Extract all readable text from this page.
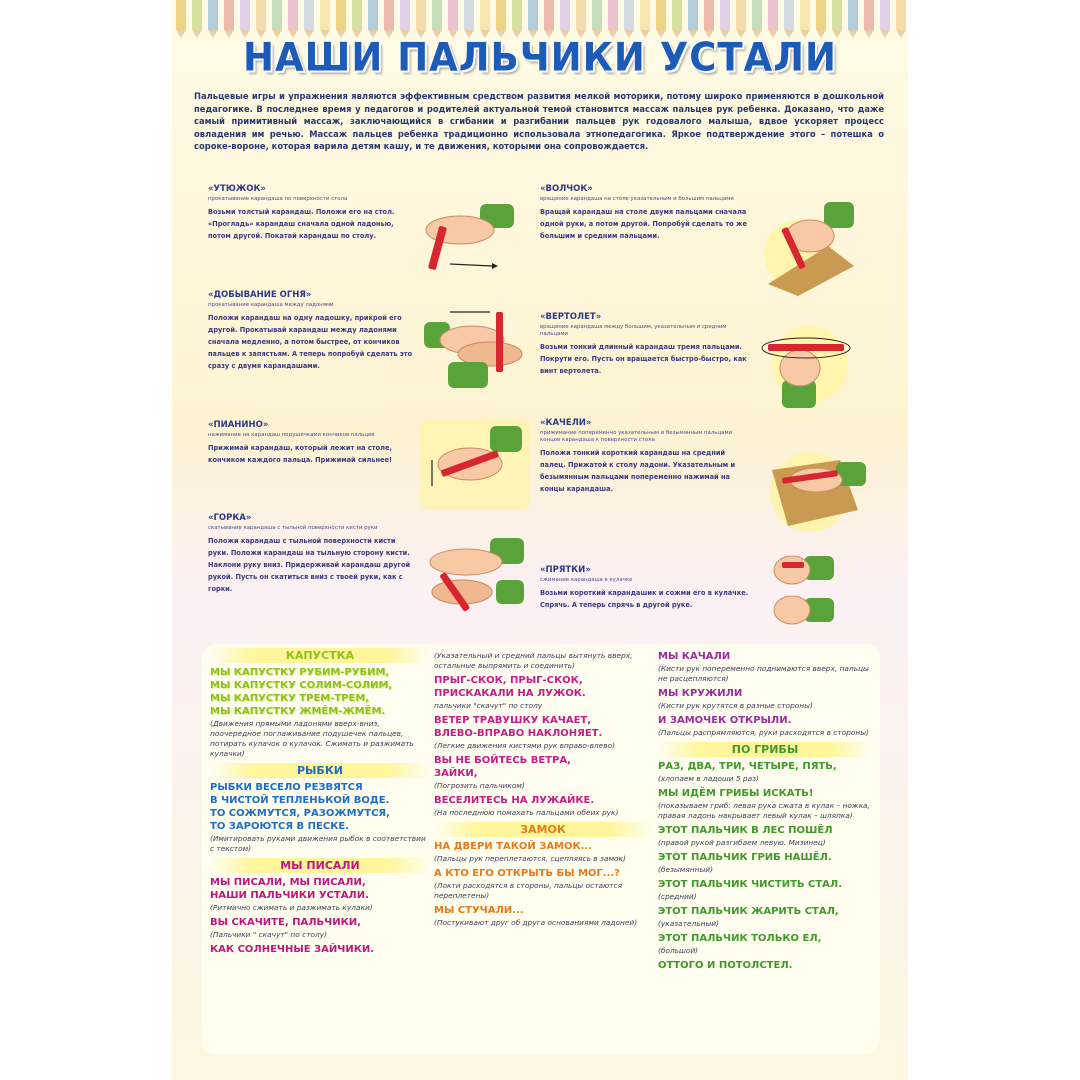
НАШИ ПАЛЬЧИКИ УСТАЛИ
Пальцевые игры и упражнения являются эффективным средством развития мелкой моторики, потому широко применяются в дошкольной педагогике. В последнее время у педагогов и родителей актуальной темой становится массаж пальцев рук ребенка. Доказано, что даже самый примитивный массаж, заключающийся в сгибании и разгибании пальцев рук годовалого малыша, вдвое ускоряет процесс овладения им речью. Массаж пальцев ребенка традиционно использовала этнопедагогика. Яркое подтверждение этого – потешка о сороке-вороне, которая варила детям кашу, и те движения, которыми она сопровождается.
«УТЮЖОК»
прокатывание карандаша по поверхности стола
Возьми толстый карандаш. Положи его на стол. «Прогладь» карандаш сначала одной ладонью, потом другой. Покатай карандаш по столу.
«ДОБЫВАНИЕ ОГНЯ»
прокатывание карандаша между ладонями
Положи карандаш на одну ладошку, прикрой его другой. Прокатывай карандаш между ладонями сначала медленно, а потом быстрее, от кончиков пальцев к запястьям. А теперь попробуй сделать это сразу с двумя карандашами.
«ПИАНИНО»
нажимание на карандаш подушечками кончиков пальцев
Прижимай карандаш, который лежит на столе, кончиком каждого пальца. Прижимай сильнее!
«ГОРКА»
скатывание карандаша с тыльной поверхности кисти руки
Положи карандаш с тыльной поверхности кисти руки. Положи карандаш на тыльную сторону кисти. Наклони руку вниз. Придерживай карандаш другой рукой. Пусть он скатиться вниз с твоей руки, как с горки.
«ВОЛЧОК»
вращение карандаша на столе указательным и большим пальцами
Вращай карандаш на столе двумя пальцами сначала одной руки, а потом другой. Попробуй сделать то же большим и средним пальцами.
«ВЕРТОЛЕТ»
вращение карандаша между большим, указательным и средним пальцами
Возьми тонкий длинный карандаш тремя пальцами. Покрути его. Пусть он вращается быстро-быстро, как винт вертолета.
«КАЧЕЛИ»
прижимание попеременно указательным и безымянным пальцами концов карандаша к поверхности стола
Положи тонкий короткий карандаш на средний палец. Прижатой к столу ладони. Указательным и безымянным пальцами попеременно нажимай на концы карандаша.
«ПРЯТКИ»
сжимание карандаша в кулачке
Возьми короткий карандашик и сожми его в кулачке. Спрячь. А теперь спрячь в другой руке.
КАПУСТКА
МЫ КАПУСТКУ РУБИМ-РУБИМ,
МЫ КАПУСТКУ СОЛИМ-СОЛИМ,
МЫ КАПУСТКУ ТРЕМ-ТРЕМ,
МЫ КАПУСТКУ ЖМЁМ-ЖМЁМ.
(Движения прямыми ладонями вверх-вниз, поочередное поглаживание подушечек пальцев, потирать кулачок о кулачок. Сжимать и разжимать кулачки)
РЫБКИ
РЫБКИ ВЕСЕЛО РЕЗВЯТСЯ
В ЧИСТОЙ ТЕПЛЕНЬКОЙ ВОДЕ.
ТО СОЖМУТСЯ, РАЗОЖМУТСЯ,
ТО ЗАРОЮТСЯ В ПЕСКЕ.
(Имитировать руками движения рыбок в соответствии с текстом)
МЫ ПИСАЛИ
МЫ ПИСАЛИ, МЫ ПИСАЛИ,
НАШИ ПАЛЬЧИКИ УСТАЛИ.
(Ритмично сжимать и разжимать кулаки)
ВЫ СКАЧИТЕ, ПАЛЬЧИКИ,
(Пальчики " скачут" по столу)
КАК СОЛНЕЧНЫЕ ЗАЙЧИКИ.
(Указательный и средний пальцы вытянуть вверх, остальные выпрямить и соединить)
ПРЫГ-СКОК, ПРЫГ-СКОК,
ПРИСКАКАЛИ НА ЛУЖОК.
пальчики "скачут" по столу
ВЕТЕР ТРАВУШКУ КАЧАЕТ,
ВЛЕВО-ВПРАВО НАКЛОНЯЕТ.
(Легкие движения кистями рук вправо-влево)
ВЫ НЕ БОЙТЕСЬ ВЕТРА,
ЗАЙКИ,
(Погрозить пальчиком)
ВЕСЕЛИТЕСЬ НА ЛУЖАЙКЕ.
(На последнюю помахать пальцами обеих рук)
ЗАМОК
НА ДВЕРИ ТАКОЙ ЗАМОК...
(Пальцы рук переплетаются, сцепляясь в замок)
А КТО ЕГО ОТКРЫТЬ БЫ МОГ...?
(Локти расходятся в стороны, пальцы остаются переплетены)
МЫ СТУЧАЛИ...
(Постукивают друг об друга основаниями ладоней)
МЫ КАЧАЛИ
(Кисти рук попеременно поднимаются вверх, пальцы не расцепляются)
МЫ КРУЖИЛИ
(Кисти рук крутятся в разные стороны)
И ЗАМОЧЕК ОТКРЫЛИ.
(Пальцы распрямляются, руки расходятся в стороны)
ПО ГРИБЫ
РАЗ, ДВА, ТРИ, ЧЕТЫРЕ, ПЯТЬ,
(хлопаем в ладоши 5 раз)
МЫ ИДЁМ ГРИБЫ ИСКАТЬ!
(показываем гриб: левая рука сжата в кулак – ножка, правая ладонь накрывает левый кулак – шляпка)
ЭТОТ ПАЛЬЧИК В ЛЕС ПОШЁЛ
(правой рукой разгибаем левую. Мизинец)
ЭТОТ ПАЛЬЧИК ГРИБ НАШЁЛ.
(безымянный)
ЭТОТ ПАЛЬЧИК ЧИСТИТЬ СТАЛ.
(средний)
ЭТОТ ПАЛЬЧИК ЖАРИТЬ СТАЛ,
(указательный)
ЭТОТ ПАЛЬЧИК ТОЛЬКО ЕЛ,
(большой)
ОТТОГО И ПОТОЛСТЕЛ.
